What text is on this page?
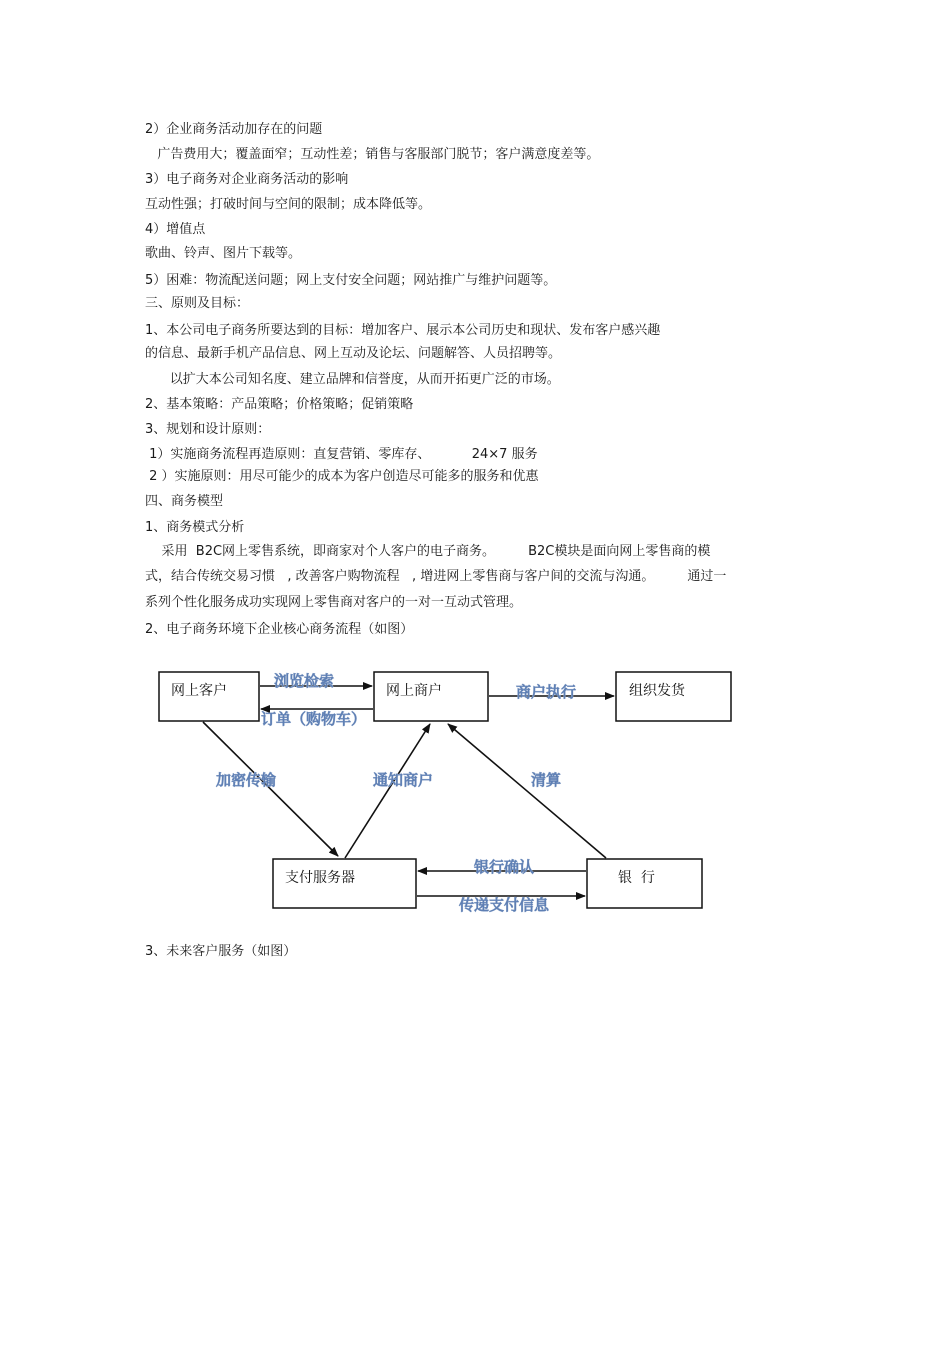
2）企业商务活动加存在的问题

广告费用大；覆盖面窄；互动性差；销售与客服部门脱节；客户满意度差等。

3）电子商务对企业商务活动的影响

互动性强；打破时间与空间的限制；成本降低等。

4）增值点

歌曲、铃声、图片下载等。

5）困难：物流配送问题；网上支付安全问题；网站推广与维护问题等。

三、原则及目标：

1、本公司电子商务所要达到的目标：增加客户、展示本公司历史和现状、发布客户感兴趣

的信息、最新手机产品信息、网上互动及论坛、问题解答、人员招聘等。

以扩大本公司知名度、建立品牌和信誉度，从而开拓更广泛的市场。

2、基本策略：产品策略；价格策略；促销策略

3、规划和设计原则：

1）实施商务流程再造原则：直复营销、零库存、          24×7 服务

2 ）实施原则：用尽可能少的成本为客户创造尽可能多的服务和优惠

四、商务模型

1、商务模式分析

采用  B2C网上零售系统，即商家对个人客户的电子商务。        B2C模块是面向网上零售商的模

式，结合传统交易习惯   , 改善客户购物流程   , 增进网上零售商与客户间的交流与沟通。        通过一

系列个性化服务成功实现网上零售商对客户的一对一互动式管理。

2、电子商务环境下企业核心商务流程（如图）

3、未来客户服务（如图）

网上客户	网上商户	组织发货
支付服务器	银  行
浏览检索
订单（购物车）
商户执行
加密传输	通知商户	清算
银行确认
传递支付信息
